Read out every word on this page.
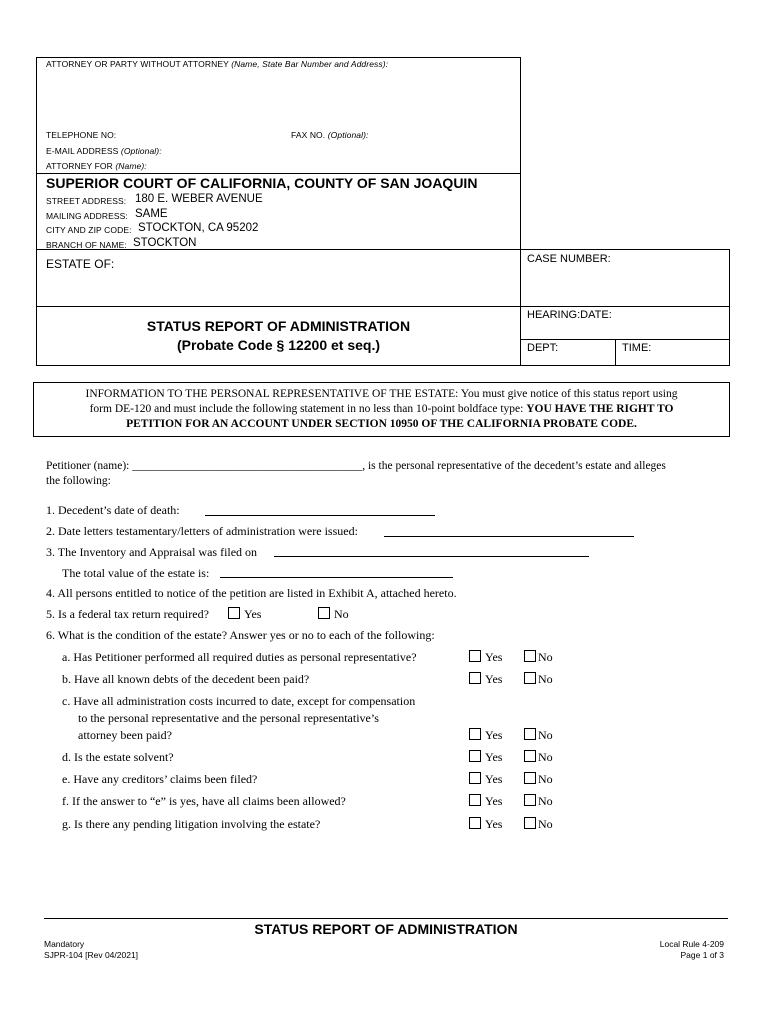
ATTORNEY OR PARTY WITHOUT ATTORNEY (Name, State Bar Number and Address):
TELEPHONE NO:	FAX NO. (Optional):
E-MAIL ADDRESS (Optional):
ATTORNEY FOR (Name):
SUPERIOR COURT OF CALIFORNIA, COUNTY OF SAN JOAQUIN
STREET ADDRESS: 180 E. WEBER AVENUE
MAILING ADDRESS: SAME
CITY AND ZIP CODE: STOCKTON, CA 95202
BRANCH OF NAME: STOCKTON
ESTATE OF:	CASE NUMBER:
STATUS REPORT OF ADMINISTRATION
(Probate Code § 12200 et seq.)
HEARING:DATE:
DEPT:	TIME:
INFORMATION TO THE PERSONAL REPRESENTATIVE OF THE ESTATE: You must give notice of this status report using
form DE-120 and must include the following statement in no less than 10-point boldface type: YOU HAVE THE RIGHT TO
PETITION FOR AN ACCOUNT UNDER SECTION 10950 OF THE CALIFORNIA PROBATE CODE.
Petitioner (name): ________________________________________, is the personal representative of the decedent’s estate and alleges
the following:
1. Decedent’s date of death:
2. Date letters testamentary/letters of administration were issued:
3. The Inventory and Appraisal was filed on
The total value of the estate is:
4. All persons entitled to notice of the petition are listed in Exhibit A, attached hereto.
5. Is a federal tax return required?	Yes	No
6. What is the condition of the estate? Answer yes or no to each of the following:
a. Has Petitioner performed all required duties as personal representative?	Yes	No
b. Have all known debts of the decedent been paid?	Yes	No
c. Have all administration costs incurred to date, except for compensation
to the personal representative and the personal representative’s
attorney been paid?	Yes	No
d. Is the estate solvent?	Yes	No
e. Have any creditors’ claims been filed?	Yes	No
f. If the answer to “e” is yes, have all claims been allowed?	Yes	No
g. Is there any pending litigation involving the estate?	Yes	No
STATUS REPORT OF ADMINISTRATION
Mandatory
SJPR-104 [Rev 04/2021]
Local Rule 4-209
Page 1 of 3
